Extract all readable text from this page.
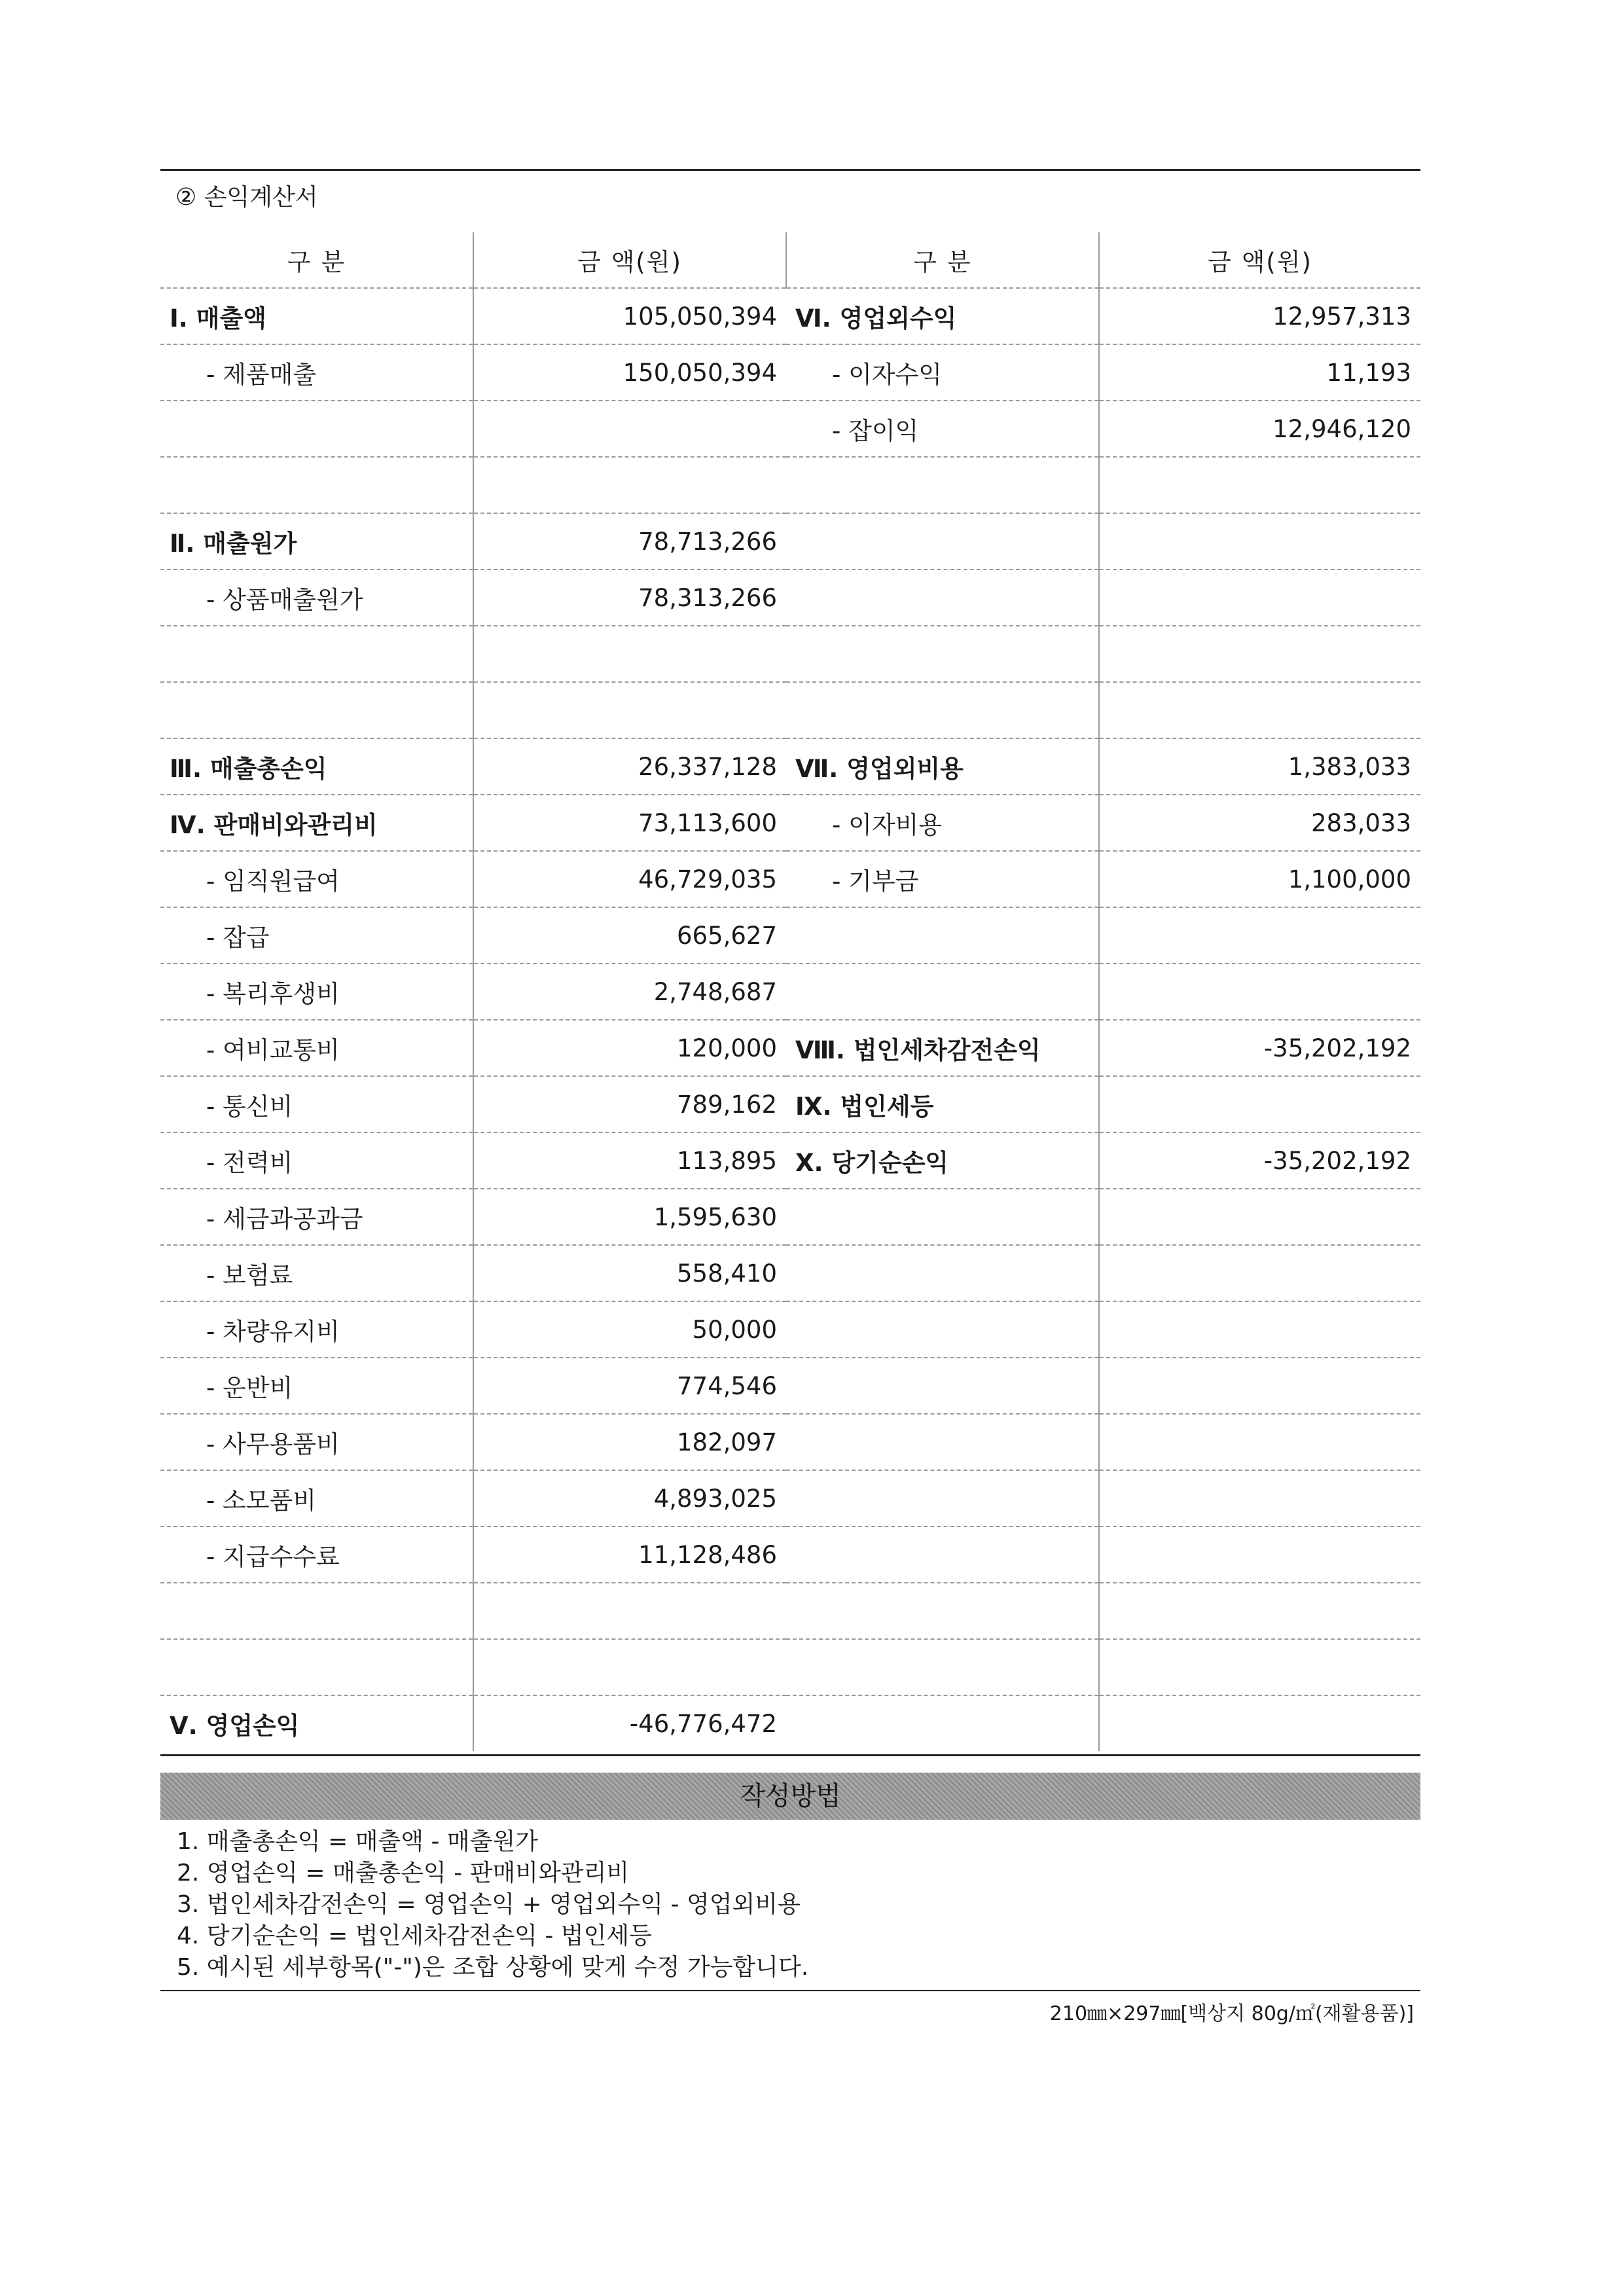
② 손익계산서
구 분	금 액(원)	구 분	금 액(원)
Ⅰ. 매출액	105,050,394	Ⅵ. 영업외수익	12,957,313
- 제품매출	150,050,394	- 이자수익	11,193
		- 잡이익	12,946,120

Ⅱ. 매출원가	78,713,266		
- 상품매출원가	78,313,266		

Ⅲ. 매출총손익	26,337,128	Ⅶ. 영업외비용	1,383,033
Ⅳ. 판매비와관리비	73,113,600	- 이자비용	283,033
- 임직원급여	46,729,035	- 기부금	1,100,000
- 잡급	665,627		
- 복리후생비	2,748,687		
- 여비교통비	120,000	Ⅷ. 법인세차감전손익	-35,202,192
- 통신비	789,162	Ⅸ. 법인세등	
- 전력비	113,895	Ⅹ. 당기순손익	-35,202,192
- 세금과공과금	1,595,630		
- 보험료	558,410		
- 차량유지비	50,000		
- 운반비	774,546		
- 사무용품비	182,097		
- 소모품비	4,893,025		
- 지급수수료	11,128,486		

Ⅴ. 영업손익	-46,776,472		
작성방법
1. 매출총손익 = 매출액 - 매출원가
2. 영업손익 = 매출총손익 - 판매비와관리비
3. 법인세차감전손익 = 영업손익 + 영업외수익 - 영업외비용
4. 당기순손익 = 법인세차감전손익 - 법인세등
5. 예시된 세부항목("-")은 조합 상황에 맞게 수정 가능합니다.
210㎜×297㎜[백상지 80g/㎡(재활용품)]
